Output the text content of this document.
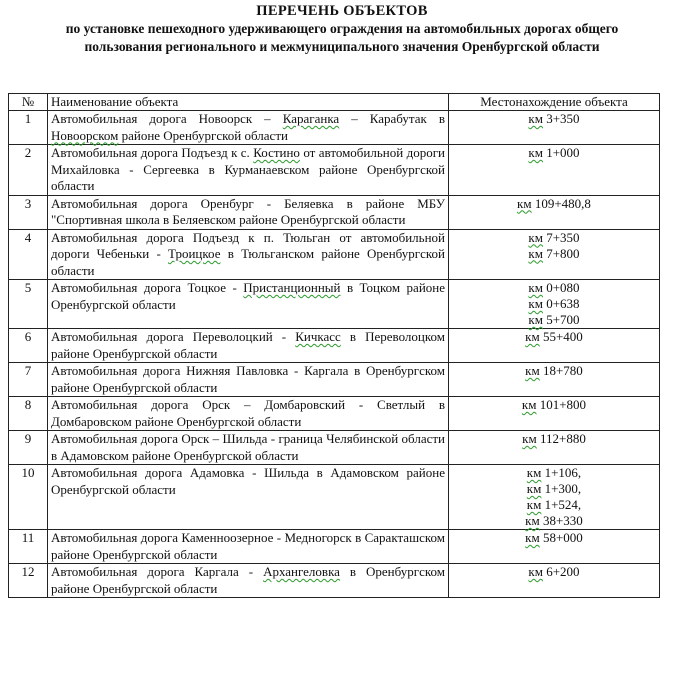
ПЕРЕЧЕНЬ ОБЪЕКТОВ
по установке пешеходного удерживающего ограждения на автомобильных дорогах общего
пользования регионального и межмуниципального значения Оренбургской области
№	Наименование объекта	Местонахождение объекта
1	Автомобильная дорога Новоорск – Караганка – Карабутак в Новоорском районе Оренбургской области	км 3+350

2	Автомобильная дорога Подъезд к с. Костино от автомобильной дороги Михайловка - Сергеевка в Курманаевском районе Оренбургской области	км 1+000

3	Автомобильная дорога Оренбург - Беляевка в районе МБУ "Спортивная школа в Беляевском районе Оренбургской области	км 109+480,8

4	Автомобильная дорога Подъезд к п. Тюльган от автомобильной дороги Чебеньки - Троицкое в Тюльганском районе Оренбургской области	км 7+350
км 7+800

5	Автомобильная дорога Тоцкое - Пристанционный в Тоцком районе Оренбургской области	км 0+080
км 0+638
км 5+700

6	Автомобильная дорога Переволоцкий - Кичкасс в Переволоцком районе Оренбургской области	км 55+400

7	Автомобильная дорога Нижняя Павловка - Каргала в Оренбургском районе Оренбургской области	км 18+780

8	Автомобильная дорога Орск – Домбаровский - Светлый в Домбаровском районе Оренбургской области	км 101+800

9	Автомобильная дорога Орск – Шильда - граница Челябинской области в Адамовском районе Оренбургской области	км 112+880

10	Автомобильная дорога Адамовка - Шильда в Адамовском районе Оренбургской области	км 1+106,
км 1+300,
км 1+524,
км 38+330

11	Автомобильная дорога Каменноозерное - Медногорск в Саракташском районе Оренбургской области	км 58+000

12	Автомобильная дорога Каргала - Архангеловка в Оренбургском районе Оренбургской области	км 6+200
